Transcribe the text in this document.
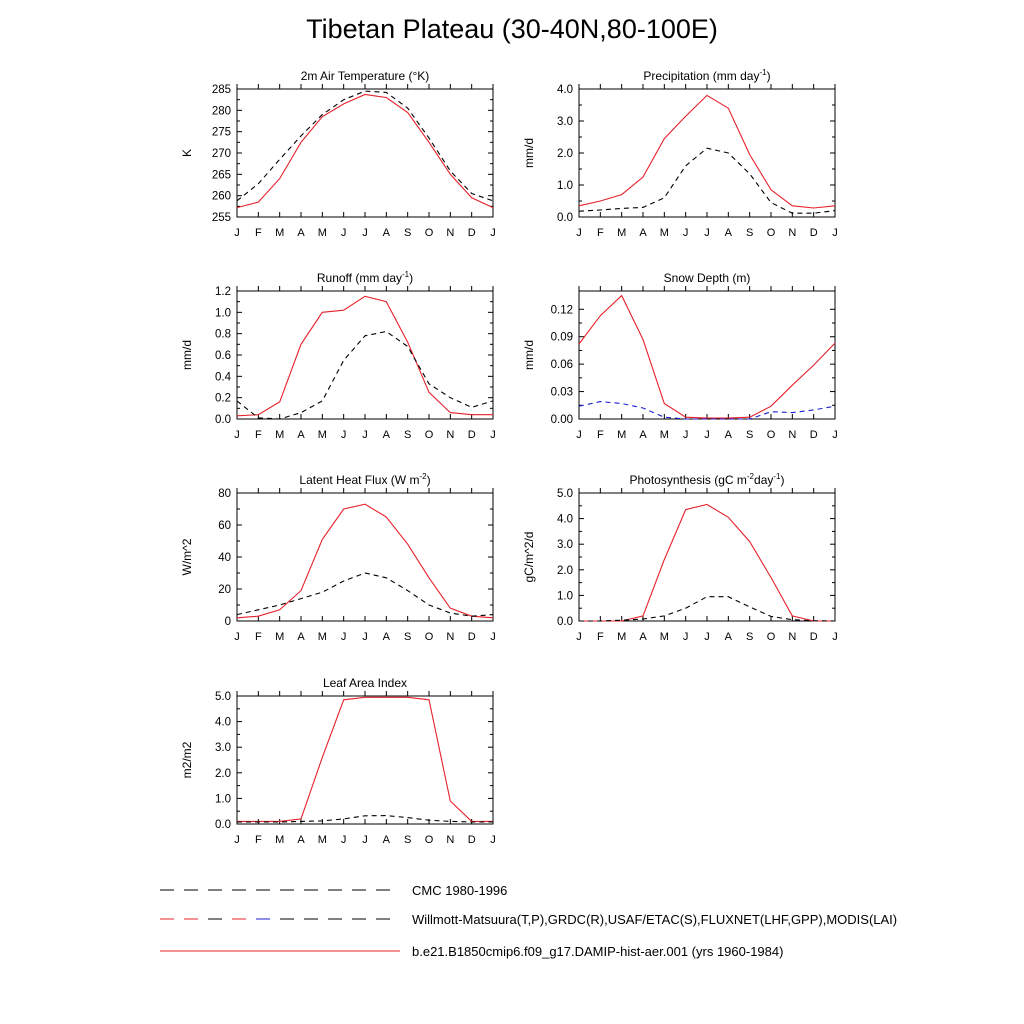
Tibetan Plateau (30-40N,80-100E)
2m Air Temperature (°K)
K
J F M A M J J A S O N D J
255
260
265
270
275
280
285
Precipitation (mm day$^{-1}$)
mm/d
J F M A M J J A S O N D J
0.0
1.0
2.0
3.0
4.0
Runoff (mm day$^{-1}$)
mm/d
J F M A M J J A S O N D J
0.0
0.2
0.4
0.6
0.8
1.0
1.2
Snow Depth (m)
mm/d
J F M A M J J A S O N D J
0.00
0.03
0.06
0.09
0.12
Latent Heat Flux (W $m^{-2}$)
W/m^2
J F M A M J J A S O N D J
0
20
40
60
80
Photosynthesis (gC $m^{-2}day^{-1}$)
gC/m^2/d
J F M A M J J A S O N D J
0.0
1.0
2.0
3.0
4.0
5.0
Leaf Area Index
m2/m2
J F M A M J J A S O N D J
0.0
1.0
2.0
3.0
4.0
5.0
CMC 1980-1996
Willmott-Matsuura(T,P),GRDC(R),USAF/ETAC(S),FLUXNET(LHF,GPP),MODIS(LAI)
b.e21.B1850cmip6.f09_g17.DAMIP-hist-aer.001 (yrs 1960-1984)
